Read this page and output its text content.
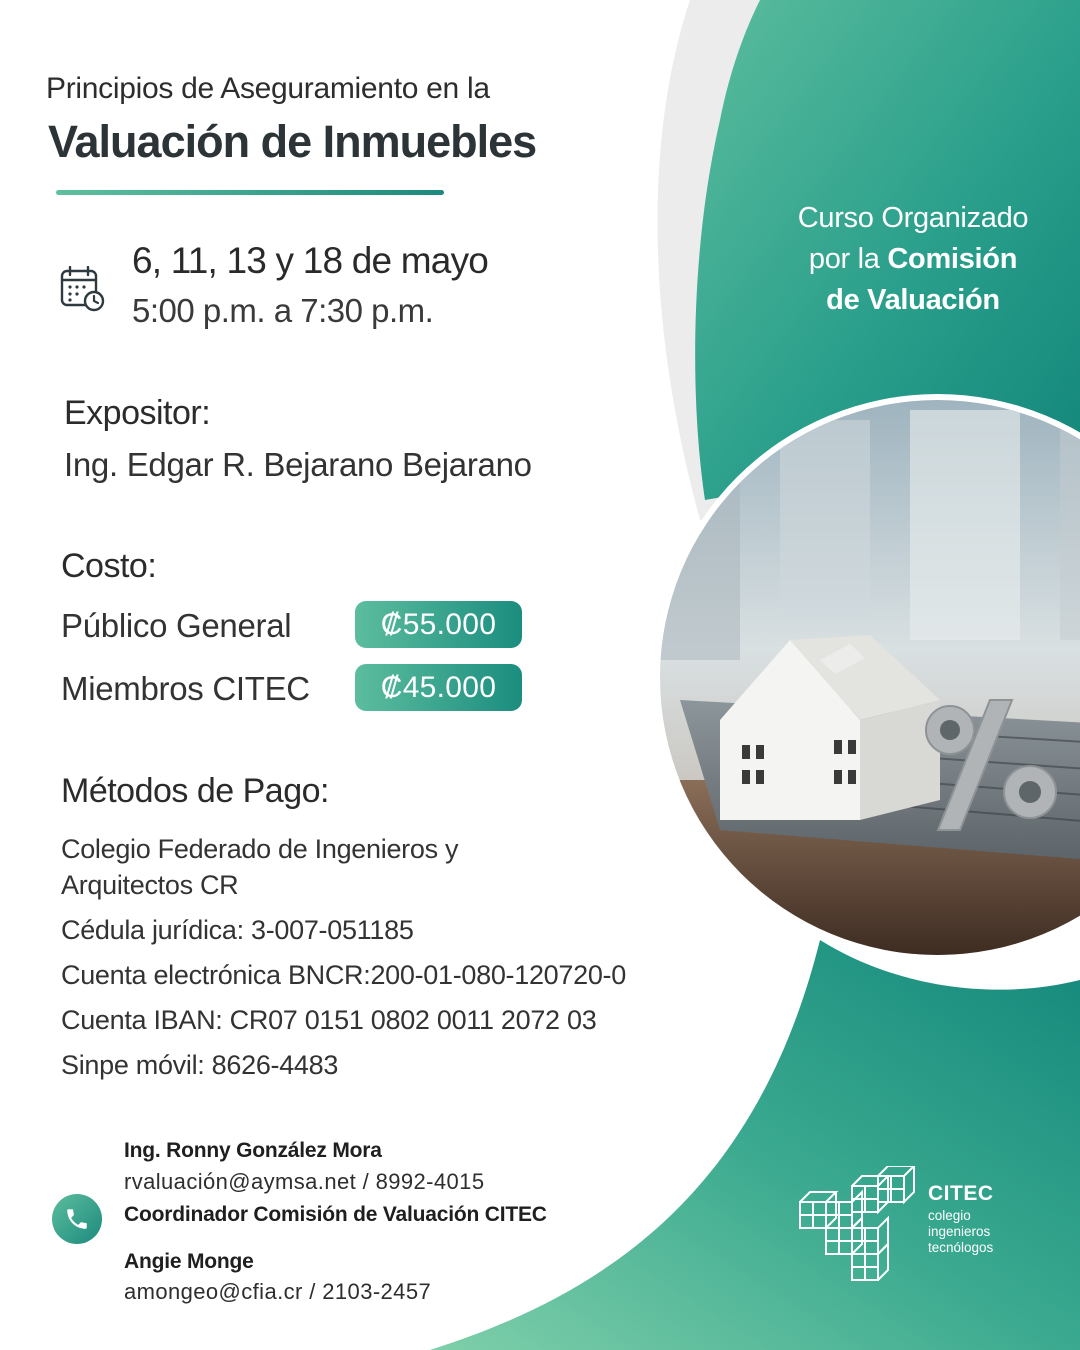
Principios de Aseguramiento en la

Valuación de Inmuebles

6, 11, 13 y 18 de mayo

5:00 p.m. a 7:30 p.m.

Expositor:

Ing. Edgar R. Bejarano Bejarano

Costo:

Público General	₡55.000

Miembros CITEC	₡45.000

Métodos de Pago:

Colegio Federado de Ingenieros y

Arquitectos CR

Cédula jurídica: 3-007-051185

Cuenta electrónica BNCR:200-01-080-120720-0

Cuenta IBAN: CR07 0151 0802 0011 2072 03

Sinpe móvil: 8626-4483

Ing. Ronny González Mora

rvaluación@aymsa.net / 8992-4015

Coordinador Comisión de Valuación CITEC

Angie Monge

amongeo@cfia.cr / 2103-2457

Curso Organizado
por la Comisión
de Valuación

CITEC

colegio

ingenieros

tecnólogos
